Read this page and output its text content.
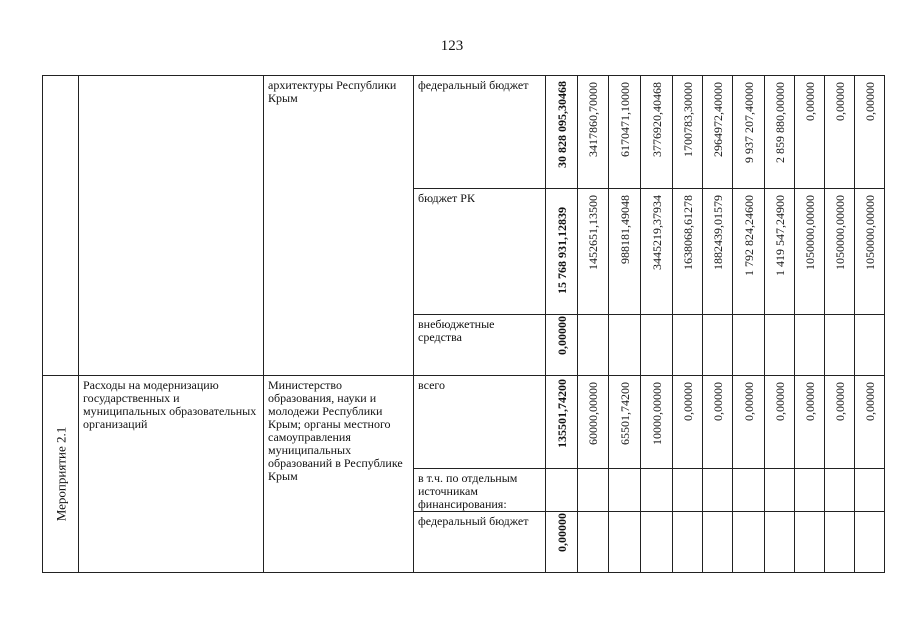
123

		архитектуры Республики Крым	федеральный бюджет	30 828 095,30468	3417860,70000	6170471,10000	3776920,40468	1700783,30000	2964972,40000	9 937 207,40000	2 859 880,00000	0,00000	0,00000	0,00000

			бюджет РК	15 768 931,12839	1452651,13500	988181,49048	3445219,37934	1638068,61278	1882439,01579	1 792 824,24600	1 419 547,24900	1050000,00000	1050000,00000	1050000,00000

			внебюджетные средства	0,00000										

Мероприятие 2.1	Расходы на модернизацию государственных и муниципальных образовательных организаций	Министерство образования, науки и молодежи Республики Крым; органы местного самоуправления муниципальных образований в Республике Крым	всего	135501,74200	60000,00000	65501,74200	10000,00000	0,00000	0,00000	0,00000	0,00000	0,00000	0,00000	0,00000

			в т.ч. по отдельным источникам финансирования:											

			федеральный бюджет	0,00000										
